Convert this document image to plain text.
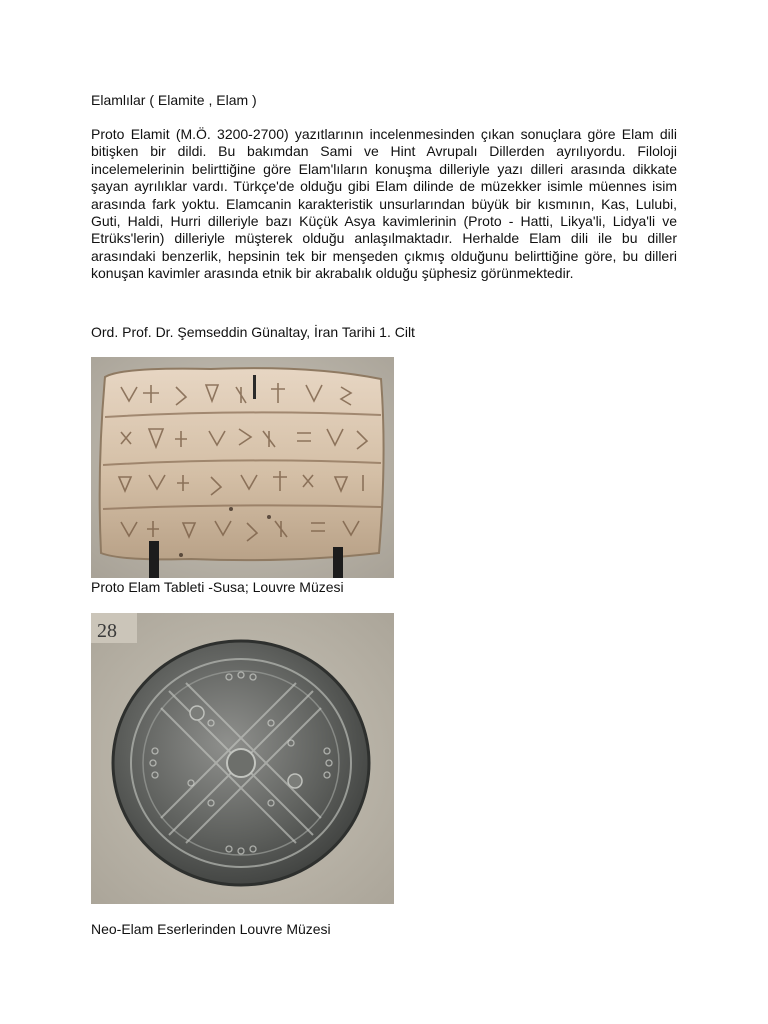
Elamlılar ( Elamite , Elam )

Proto Elamit (M.Ö. 3200-2700) yazıtlarının incelenmesinden çıkan sonuçlara göre Elam dili bitişken bir dildi. Bu bakımdan Sami ve Hint Avrupalı Dillerden ayrılıyordu. Filoloji incelemelerinin belirttiğine göre Elam'lıların konuşma dilleriyle yazı dilleri arasında dikkate şayan ayrılıklar vardı. Türkçe'de olduğu gibi Elam dilinde de müzekker isimle müennes isim arasında fark yoktu. Elamcanin karakteristik unsurlarından büyük bir kısmının, Kas, Lulubi, Guti, Haldi, Hurri dilleriyle bazı Küçük Asya kavimlerinin (Proto - Hatti, Likya'li, Lidya'li ve Etrüks'lerin) dilleriyle müşterek olduğu anlaşılmaktadır. Herhalde Elam dili ile bu diller arasındaki benzerlik, hepsinin tek bir menşeden çıkmış olduğunu belirttiğine göre, bu dilleri konuşan kavimler arasında etnik bir akrabalık olduğu şüphesiz görünmektedir.

Ord. Prof. Dr. Şemseddin Günaltay, İran Tarihi 1. Cilt
Proto Elam Tableti -Susa; Louvre Müzesi
28
Neo-Elam Eserlerinden Louvre Müzesi
